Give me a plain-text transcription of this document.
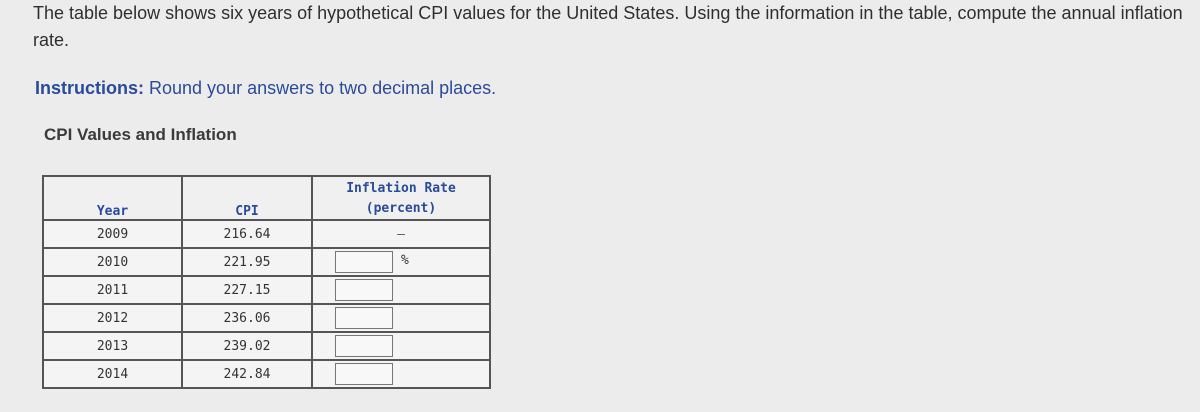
The table below shows six years of hypothetical CPI values for the United States. Using the information in the table, compute the annual inflation rate.
Instructions: Round your answers to two decimal places.
CPI Values and Inflation
Year	CPI	Inflation Rate
(percent)

2009	216.64	–
2010	221.95	%

2011	227.15	

2012	236.06	

2013	239.02	

2014	242.84	
